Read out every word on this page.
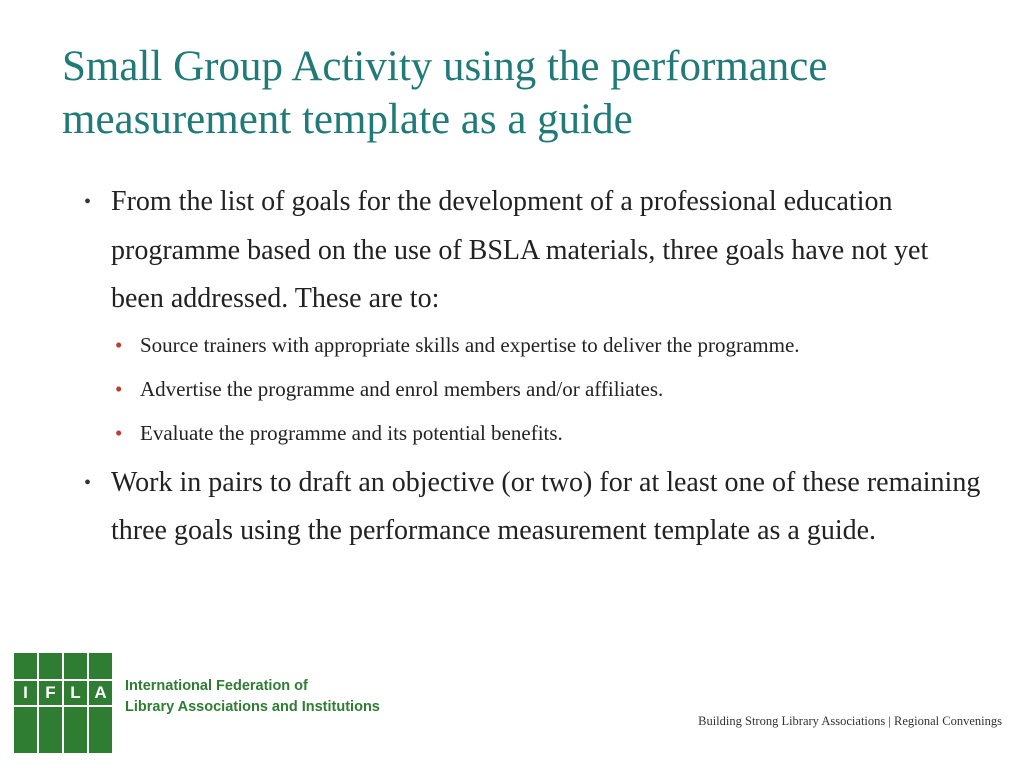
Small Group Activity using the performance measurement template as a guide
• From the list of goals for the development of a professional education programme based on the use of BSLA materials, three goals have not yet been addressed. These are to:
• Source trainers with appropriate skills and expertise to deliver the programme.
• Advertise the programme and enrol members and/or affiliates.
• Evaluate the programme and its potential benefits.
• Work in pairs to draft an objective (or two) for at least one of these remaining three goals using the performance measurement template as a guide.
I	F L A	International Federation of
Library Associations and Institutions
Building Strong Library Associations | Regional Convenings
